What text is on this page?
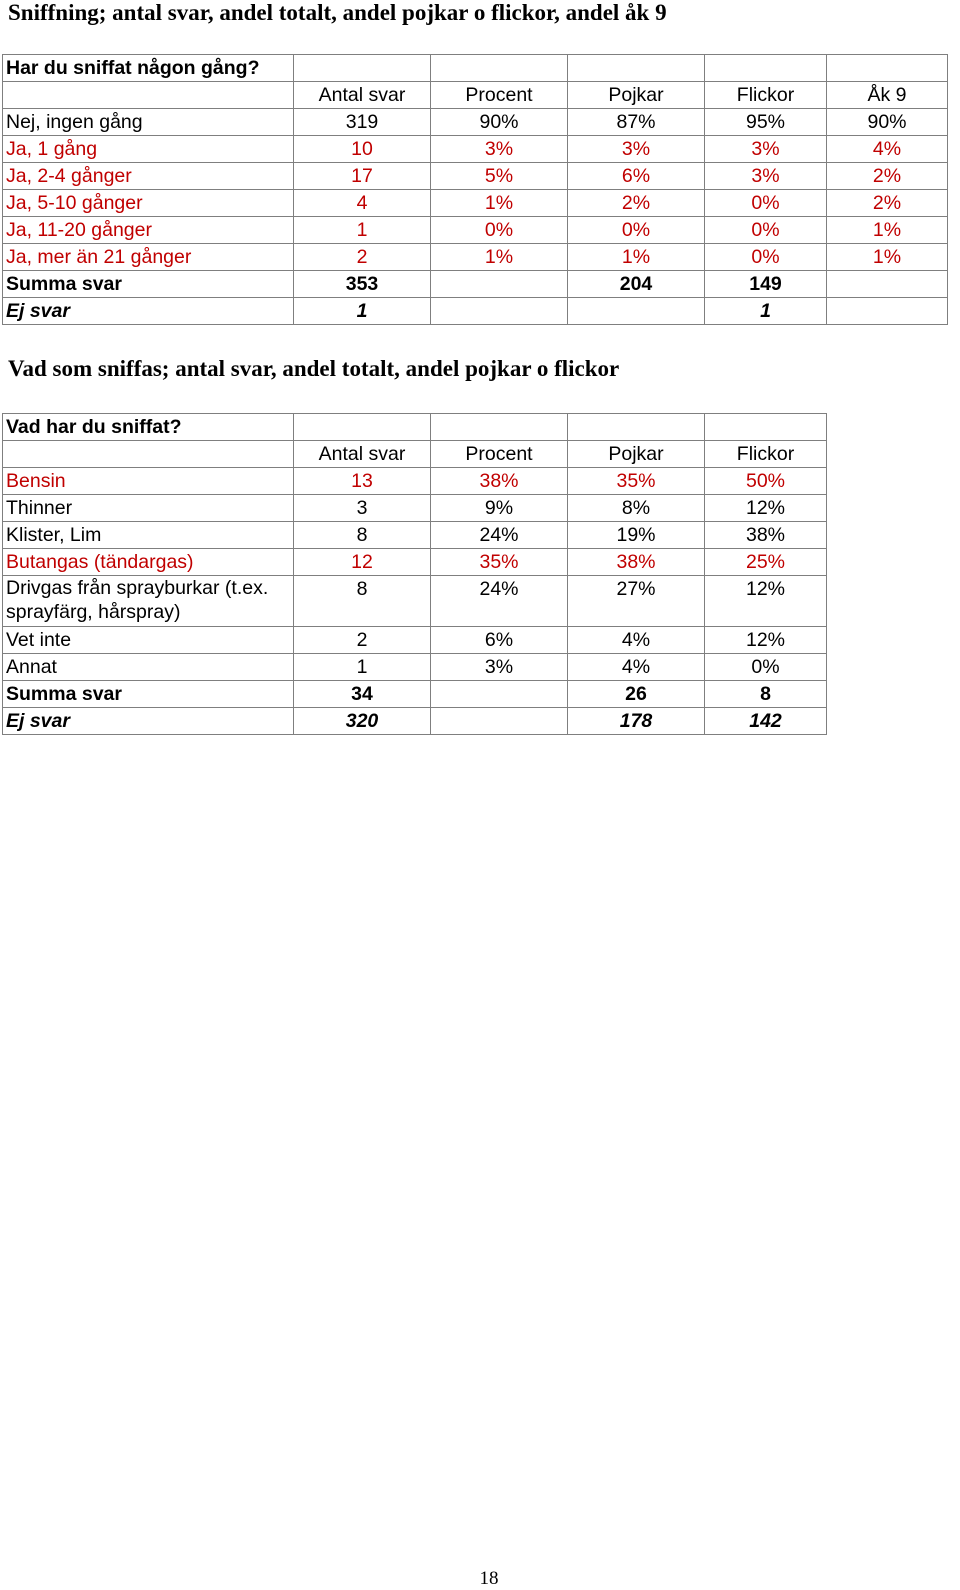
Sniffning; antal svar, andel totalt, andel pojkar o flickor, andel åk 9
Har du sniffat någon gång?					
	Antal svar	Procent	Pojkar	Flickor	Åk 9
Nej, ingen gång	319	90%	87%	95%	90%
Ja, 1 gång	10	3%	3%	3%	4%
Ja, 2-4 gånger	17	5%	6%	3%	2%
Ja, 5-10 gånger	4	1%	2%	0%	2%
Ja, 11-20 gånger	1	0%	0%	0%	1%
Ja, mer än 21 gånger	2	1%	1%	0%	1%
Summa svar	353		204	149	
Ej svar	1			1	
Vad som sniffas; antal svar, andel totalt, andel pojkar o flickor
Vad har du sniffat?				
	Antal svar	Procent	Pojkar	Flickor
Bensin	13	38%	35%	50%
Thinner	3	9%	8%	12%
Klister, Lim	8	24%	19%	38%
Butangas (tändargas)	12	35%	38%	25%
Drivgas från sprayburkar (t.ex. sprayfärg, hårspray)	8	24%	27%	12%
Vet inte	2	6%	4%	12%
Annat	1	3%	4%	0%
Summa svar	34		26	8
Ej svar	320		178	142
18
